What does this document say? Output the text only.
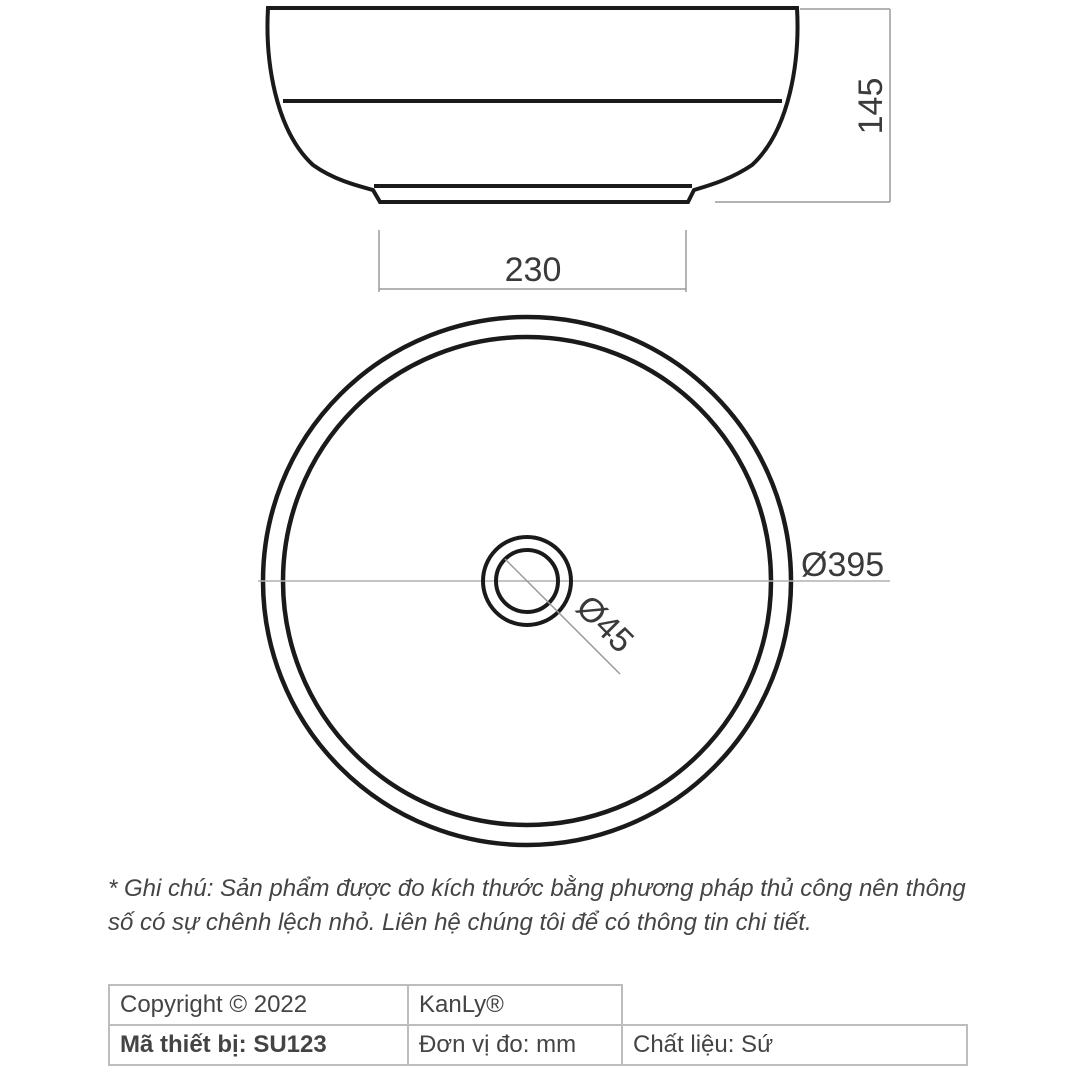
145
230
Ø395
Ø45
* Ghi chú: Sản phẩm được đo kích thước bằng phương pháp thủ công nên thông số có sự chênh lệch nhỏ. Liên hệ chúng tôi để có thông tin chi tiết.
Copyright © 2022	KanLy®	
Mã thiết bị: SU123	Đơn vị đo: mm	Chất liệu: Sứ
